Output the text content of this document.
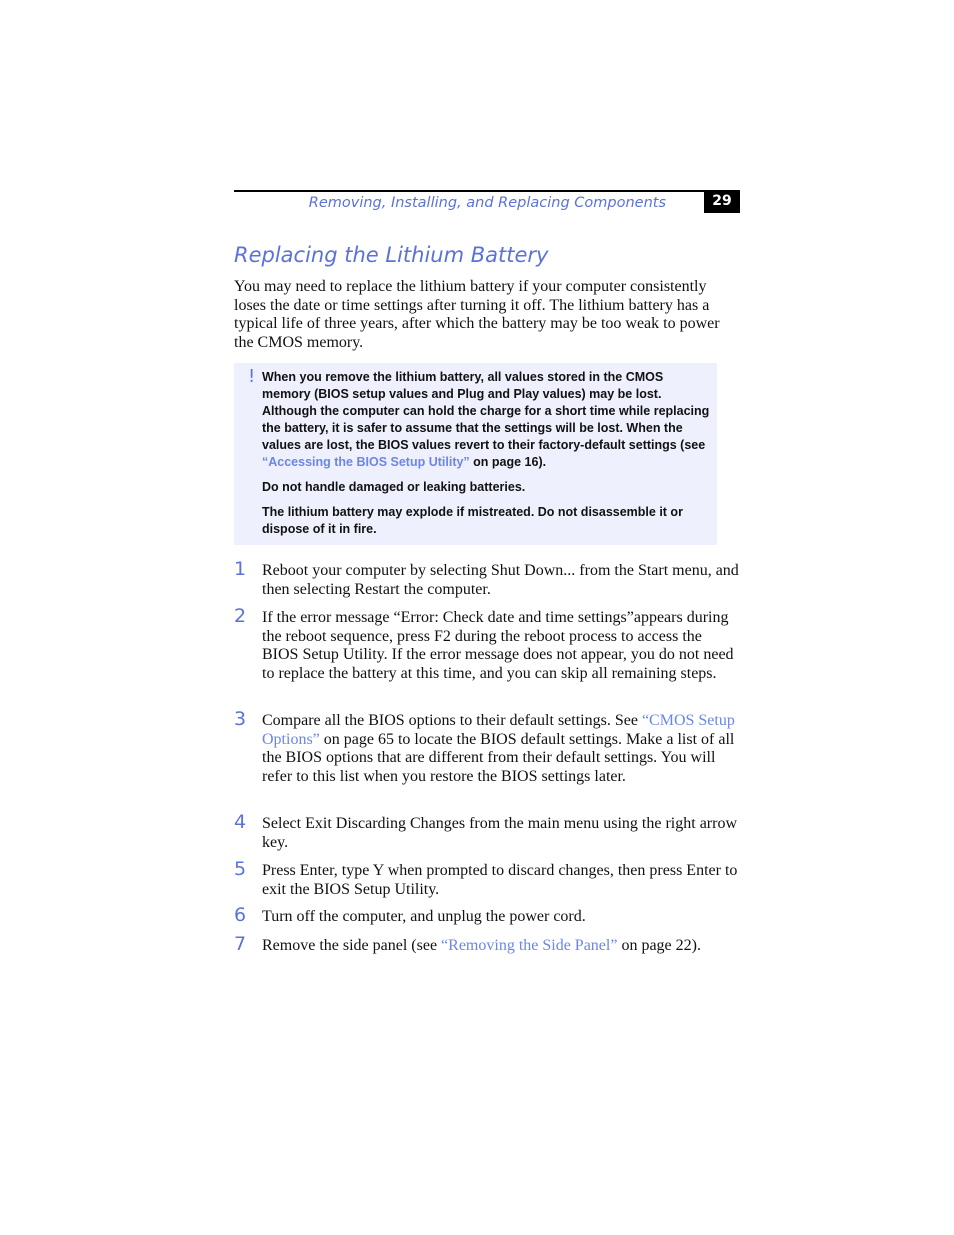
Removing, Installing, and Replacing Components	29
Replacing the Lithium Battery

You may need to replace the lithium battery if your computer consistently loses the date or time settings after turning it off. The lithium battery has a typical life of three years, after which the battery may be too weak to power the CMOS memory.

! When you remove the lithium battery, all values stored in the CMOS memory (BIOS setup values and Plug and Play values) may be lost. Although the computer can hold the charge for a short time while replacing the battery, it is safer to assume that the settings will be lost. When the values are lost, the BIOS values revert to their factory-default settings (see “Accessing the BIOS Setup Utility” on page 16).

Do not handle damaged or leaking batteries.

The lithium battery may explode if mistreated. Do not disassemble it or dispose of it in fire.

1 Reboot your computer by selecting Shut Down... from the Start menu, and then selecting Restart the computer.

2 If the error message “Error: Check date and time settings”appears during the reboot sequence, press F2 during the reboot process to access the BIOS Setup Utility. If the error message does not appear, you do not need to replace the battery at this time, and you can skip all remaining steps.

3 Compare all the BIOS options to their default settings. See “CMOS Setup Options” on page 65 to locate the BIOS default settings. Make a list of all the BIOS options that are different from their default settings. You will refer to this list when you restore the BIOS settings later.

4 Select Exit Discarding Changes from the main menu using the right arrow key.

5 Press Enter, type Y when prompted to discard changes, then press Enter to exit the BIOS Setup Utility.

6 Turn off the computer, and unplug the power cord.

7 Remove the side panel (see “Removing the Side Panel” on page 22).
